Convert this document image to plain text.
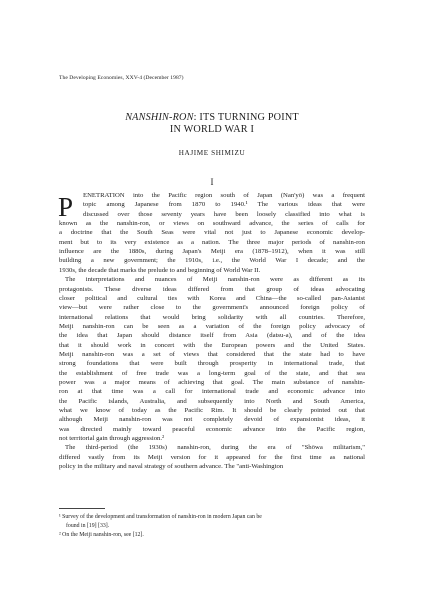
The Developing Economies, XXV-4 (December 1987)
NANSHIN-RON: ITS TURNING POINT
IN WORLD WAR I
HAJIME SHIMIZU
I
P ENETRATION into the Pacific region south of Japan (Nan'yō) was a frequent
topic among Japanese from 1870 to 1940.¹ The various ideas that were
discussed over those seventy years have been loosely classified into what is
known as the nanshin-ron, or views on southward advance, the series of calls for
a doctrine that the South Seas were vital not just to Japanese economic develop-
ment but to its very existence as a nation. The three major periods of nanshin-ron
influence are the 1880s, during Japan's Meiji era (1878–1912), when it was still
building a new government; the 1910s, i.e., the World War I decade; and the
1930s, the decade that marks the prelude to and beginning of World War II.
The interpretations and nuances of Meiji nanshin-ron were as different as its
protagonists. These diverse ideas differed from that group of ideas advocating
closer political and cultural ties with Korea and China—the so-called pan-Asianist
view—but were rather close to the government's announced foreign policy of
international relations that would bring solidarity with all countries. Therefore,
Meiji nanshin-ron can be seen as a variation of the foreign policy advocacy of
the idea that Japan should distance itself from Asia (datsu-a), and of the idea
that it should work in concert with the European powers and the United States.
Meiji nanshin-ron was a set of views that considered that the state had to have
strong foundations that were built through prosperity in international trade, that
the establishment of free trade was a long-term goal of the state, and that sea
power was a major means of achieving that goal. The main substance of nanshin-
ron at that time was a call for international trade and economic advance into
the Pacific islands, Australia, and subsequently into North and South America,
what we know of today as the Pacific Rim. It should be clearly pointed out that
although Meiji nanshin-ron was not completely devoid of expansionist ideas, it
was directed mainly toward peaceful economic advance into the Pacific region,
not territorial gain through aggression.²
The third-period (the 1930s) nanshin-ron, during the era of "Shōwa militarism,"
differed vastly from its Meiji version for it appeared for the first time as national
policy in the military and naval strategy of southern advance. The "anti-Washington
¹ Survey of the development and transformation of nanshin-ron in modern Japan can be
found in [19] [33].
² On the Meiji nanshin-ron, see [12].
